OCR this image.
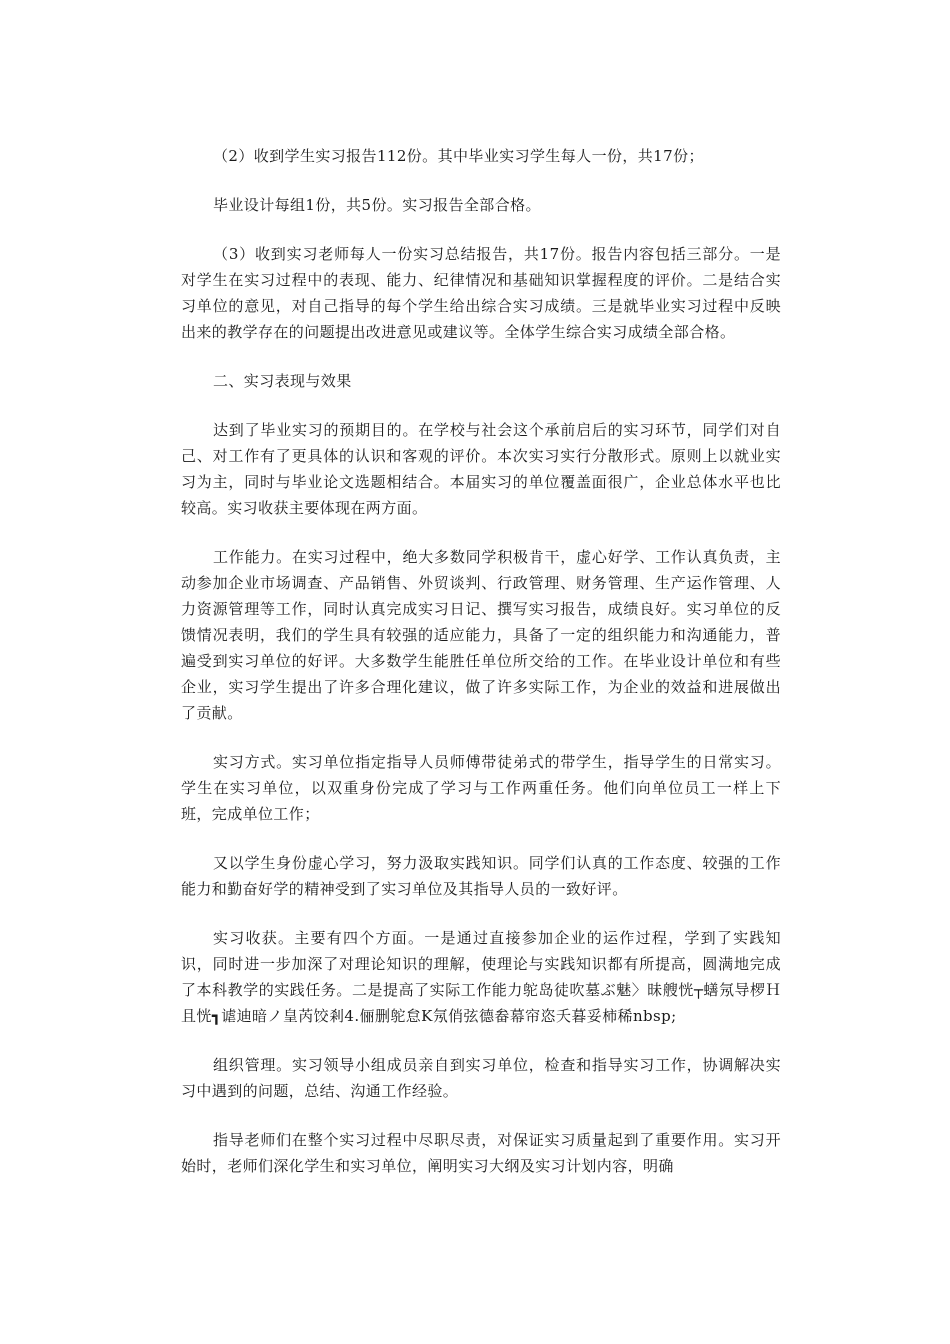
（2）收到学生实习报告112份。其中毕业实习学生每人一份，共17份；

毕业设计每组1份，共5份。实习报告全部合格。

（3）收到实习老师每人一份实习总结报告，共17份。报告内容包括三部分。一是对学生在实习过程中的表现、能力、纪律情况和基础知识掌握程度的评价。二是结合实习单位的意见，对自己指导的每个学生给出综合实习成绩。三是就毕业实习过程中反映出来的教学存在的问题提出改进意见或建议等。全体学生综合实习成绩全部合格。

二、实习表现与效果

达到了毕业实习的预期目的。在学校与社会这个承前启后的实习环节，同学们对自己、对工作有了更具体的认识和客观的评价。本次实习实行分散形式。原则上以就业实习为主，同时与毕业论文选题相结合。本届实习的单位覆盖面很广，企业总体水平也比较高。实习收获主要体现在两方面。

工作能力。在实习过程中，绝大多数同学积极肯干，虚心好学、工作认真负责，主动参加企业市场调查、产品销售、外贸谈判、行政管理、财务管理、生产运作管理、人力资源管理等工作，同时认真完成实习日记、撰写实习报告，成绩良好。实习单位的反馈情况表明，我们的学生具有较强的适应能力，具备了一定的组织能力和沟通能力，普遍受到实习单位的好评。大多数学生能胜任单位所交给的工作。在毕业设计单位和有些企业，实习学生提出了许多合理化建议，做了许多实际工作，为企业的效益和进展做出了贡献。

实习方式。实习单位指定指导人员师傅带徒弟式的带学生，指导学生的日常实习。学生在实习单位，以双重身份完成了学习与工作两重任务。他们向单位员工一样上下班，完成单位工作；

又以学生身份虚心学习，努力汲取实践知识。同学们认真的工作态度、较强的工作能力和勤奋好学的精神受到了实习单位及其指导人员的一致好评。

实习收获。主要有四个方面。一是通过直接参加企业的运作过程，学到了实践知识，同时进一步加深了对理论知识的理解，使理论与实践知识都有所提高，圆满地完成了本科教学的实践任务。二是提高了实际工作能力鸵岛徒吹墓ぶ魅〉昧艘恍┬蟮氖导椤Ｈ且恍┓谑迪暗ノ皇芮饺剎4.俪删鸵怠Κ氖俏弦德畚幕帘恣夭暮妥柿稀nbsp;

组织管理。实习领导小组成员亲自到实习单位，检查和指导实习工作，协调解决实习中遇到的问题，总结、沟通工作经验。

指导老师们在整个实习过程中尽职尽责，对保证实习质量起到了重要作用。实习开始时，老师们深化学生和实习单位，阐明实习大纲及实习计划内容，明确
